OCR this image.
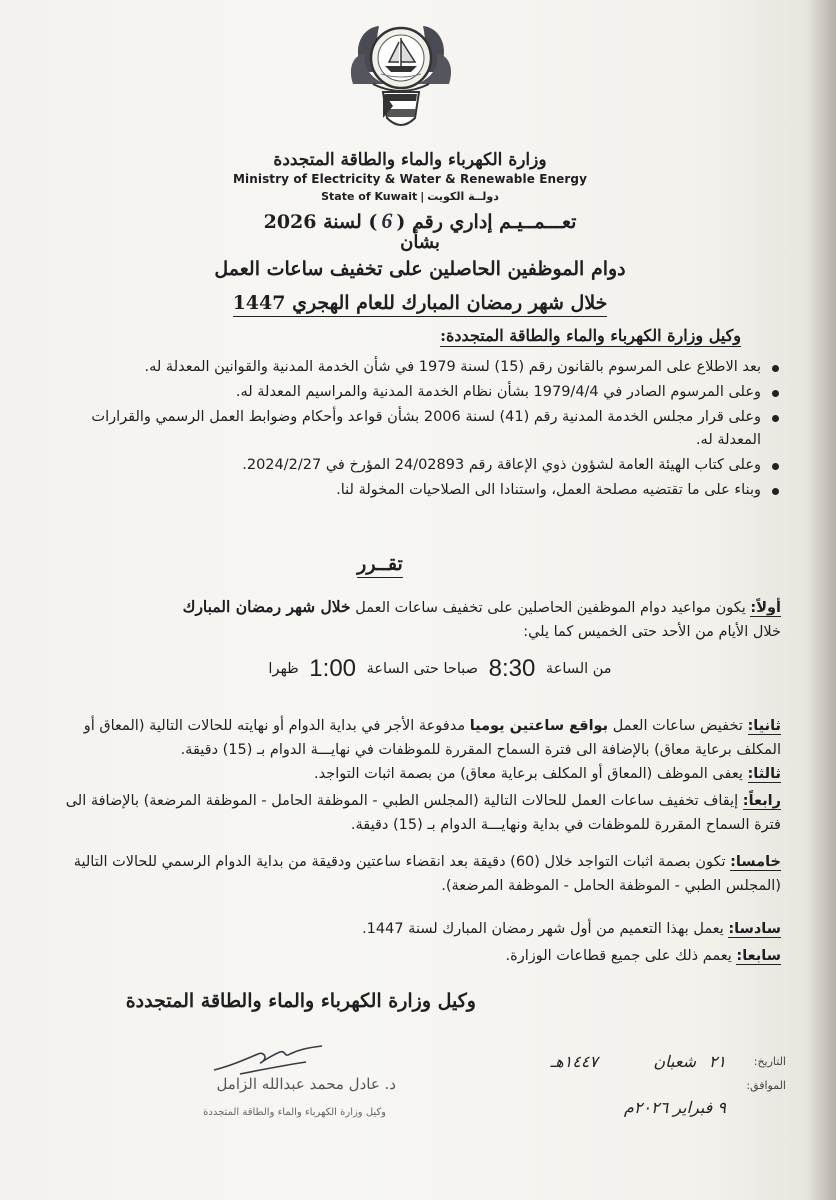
وزارة الكهرباء والماء والطاقة المتجددة
Ministry of Electricity & Water & Renewable Energy
State of Kuwait | دولــة الكويت
تعـــمــيـم إداري رقم (6) لسنة 2026
بشأن
دوام الموظفين الحاصلين على تخفيف ساعات العمل
خلال شهر رمضان المبارك للعام الهجري 1447
وكيل وزارة الكهرباء والماء والطاقة المتجددة:
بعد الاطلاع على المرسوم بالقانون رقم (15) لسنة 1979 في شأن الخدمة المدنية والقوانين المعدلة له.
وعلى المرسوم الصادر في 1979/4/4 بشأن نظام الخدمة المدنية والمراسيم المعدلة له.
وعلى قرار مجلس الخدمة المدنية رقم (41) لسنة 2006 بشأن قواعد وأحكام وضوابط العمل الرسمي والقرارات المعدلة له.
وعلى كتاب الهيئة العامة لشؤون ذوي الإعاقة رقم 24/02893 المؤرخ في 2024/2/27.
وبناء على ما تقتضيه مصلحة العمل، واستنادا الى الصلاحيات المخولة لنا.
تقــرر
أولاً: يكون مواعيد دوام الموظفين الحاصلين على تخفيف ساعات العمل خلال شهر رمضان المبارك
خلال الأيام من الأحد حتى الخميس كما يلي:
من الساعة 8:30 صباحا حتى الساعة 1:00 ظهرا
ثانيا: تخفيض ساعات العمل بواقع ساعتين يوميا مدفوعة الأجر في بداية الدوام أو نهايته للحالات التالية (المعاق أو المكلف برعاية معاق) بالإضافة الى فترة السماح المقررة للموظفات في نهايـــة الدوام بـ (15) دقيقة.
ثالثا: يعفى الموظف (المعاق أو المكلف برعاية معاق) من بصمة اثبات التواجد.
رابعاً: إيقاف تخفيف ساعات العمل للحالات التالية (المجلس الطبي - الموظفة الحامل - الموظفة المرضعة) بالإضافة الى فترة السماح المقررة للموظفات في بداية ونهايـــة الدوام بـ (15) دقيقة.
خامسا: تكون بصمة اثبات التواجد خلال (60) دقيقة بعد انقضاء ساعتين ودقيقة من بداية الدوام الرسمي للحالات التالية (المجلس الطبي - الموظفة الحامل - الموظفة المرضعة).
سادسا: يعمل بهذا التعميم من أول شهر رمضان المبارك لسنة 1447.
سابعا: يعمم ذلك على جميع قطاعات الوزارة.
وكيل وزارة الكهرباء والماء والطاقة المتجددة
د. عادل محمد عبدالله الزامل
وكيل وزارة الكهرباء والماء والطاقة المتجددة
التاريخ:
الموافق:
٢١
شعبان
١٤٤٧هـ
٩ فبراير ٢٠٢٦م
